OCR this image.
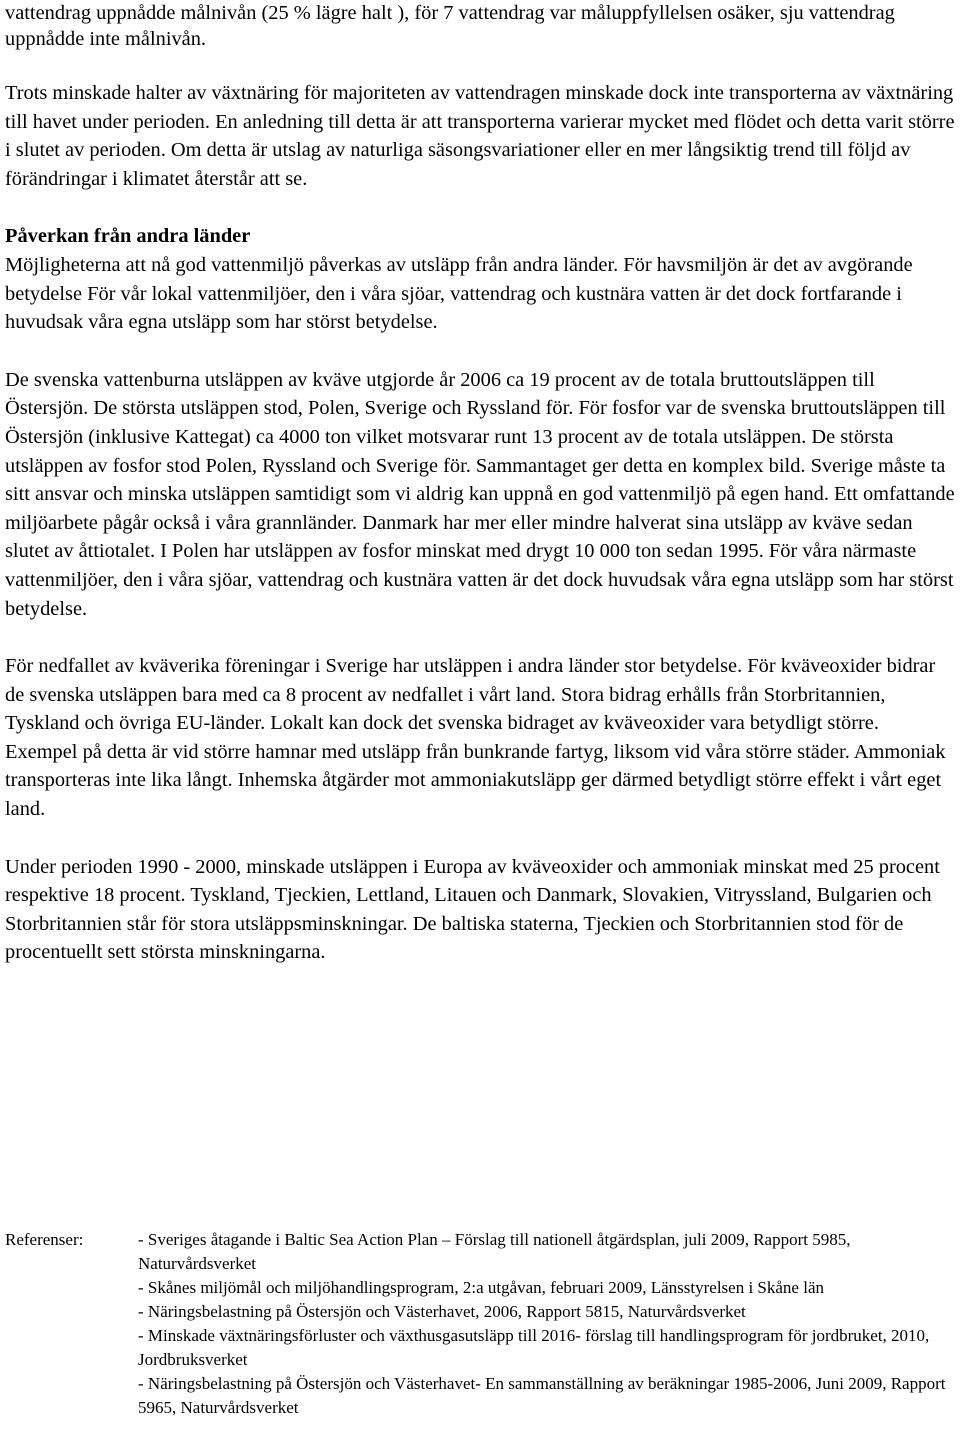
vattendrag uppnådde målnivån (25 % lägre halt ), för 7 vattendrag var måluppfyllelsen osäker, sju vattendrag uppnådde inte målnivån.

Trots minskade halter av växtnäring för majoriteten av vattendragen minskade dock inte transporterna av växtnäring till havet under perioden. En anledning till detta är att transporterna varierar mycket med flödet och detta varit större i slutet av perioden. Om detta är utslag av naturliga säsongsvariationer eller en mer långsiktig trend till följd av förändringar i klimatet återstår att se.

Påverkan från andra länder

Möjligheterna att nå god vattenmiljö påverkas av utsläpp från andra länder. För havsmiljön är det av avgörande betydelse För vår lokal vattenmiljöer, den i våra sjöar, vattendrag och kustnära vatten är det dock fortfarande i huvudsak våra egna utsläpp som har störst betydelse.

De svenska vattenburna utsläppen av kväve utgjorde år 2006 ca 19 procent av de totala bruttoutsläppen till Östersjön. De största utsläppen stod, Polen, Sverige och Ryssland för. För fosfor var de svenska bruttoutsläppen till Östersjön (inklusive Kattegat) ca 4000 ton vilket motsvarar runt 13 procent av de totala utsläppen. De största utsläppen av fosfor stod Polen, Ryssland och Sverige för. Sammantaget ger detta en komplex bild. Sverige måste ta sitt ansvar och minska utsläppen samtidigt som vi aldrig kan uppnå en god vattenmiljö på egen hand. Ett omfattande miljöarbete pågår också i våra grannländer. Danmark har mer eller mindre halverat sina utsläpp av kväve sedan slutet av åttiotalet. I Polen har utsläppen av fosfor minskat med drygt 10 000 ton sedan 1995. För våra närmaste vattenmiljöer, den i våra sjöar, vattendrag och kustnära vatten är det dock huvudsak våra egna utsläpp som har störst betydelse.

För nedfallet av kväverika föreningar i Sverige har utsläppen i andra länder stor betydelse. För kväveoxider bidrar de svenska utsläppen bara med ca 8 procent av nedfallet i vårt land. Stora bidrag erhålls från Storbritannien, Tyskland och övriga EU-länder. Lokalt kan dock det svenska bidraget av kväveoxider vara betydligt större. Exempel på detta är vid större hamnar med utsläpp från bunkrande fartyg, liksom vid våra större städer. Ammoniak transporteras inte lika långt. Inhemska åtgärder mot ammoniakutsläpp ger därmed betydligt större effekt i vårt eget land.

Under perioden 1990 - 2000, minskade utsläppen i Europa av kväveoxider och ammoniak minskat med 25 procent respektive 18 procent. Tyskland, Tjeckien, Lettland, Litauen och Danmark, Slovakien, Vitryssland, Bulgarien och Storbritannien står för stora utsläppsminskningar. De baltiska staterna, Tjeckien och Storbritannien stod för de procentuellt sett största minskningarna.

Referenser:	- Sveriges åtagande i Baltic Sea Action Plan – Förslag till nationell åtgärdsplan, juli 2009, Rapport 5985, Naturvårdsverket
- Skånes miljömål och miljöhandlingsprogram, 2:a utgåvan, februari 2009, Länsstyrelsen i Skåne län
- Näringsbelastning på Östersjön och Västerhavet, 2006, Rapport 5815, Naturvårdsverket
- Minskade växtnäringsförluster och växthusgasutsläpp till 2016- förslag till handlingsprogram för jordbruket, 2010, Jordbruksverket
- Näringsbelastning på Östersjön och Västerhavet- En sammanställning av beräkningar 1985-2006, Juni 2009, Rapport 5965, Naturvårdsverket
